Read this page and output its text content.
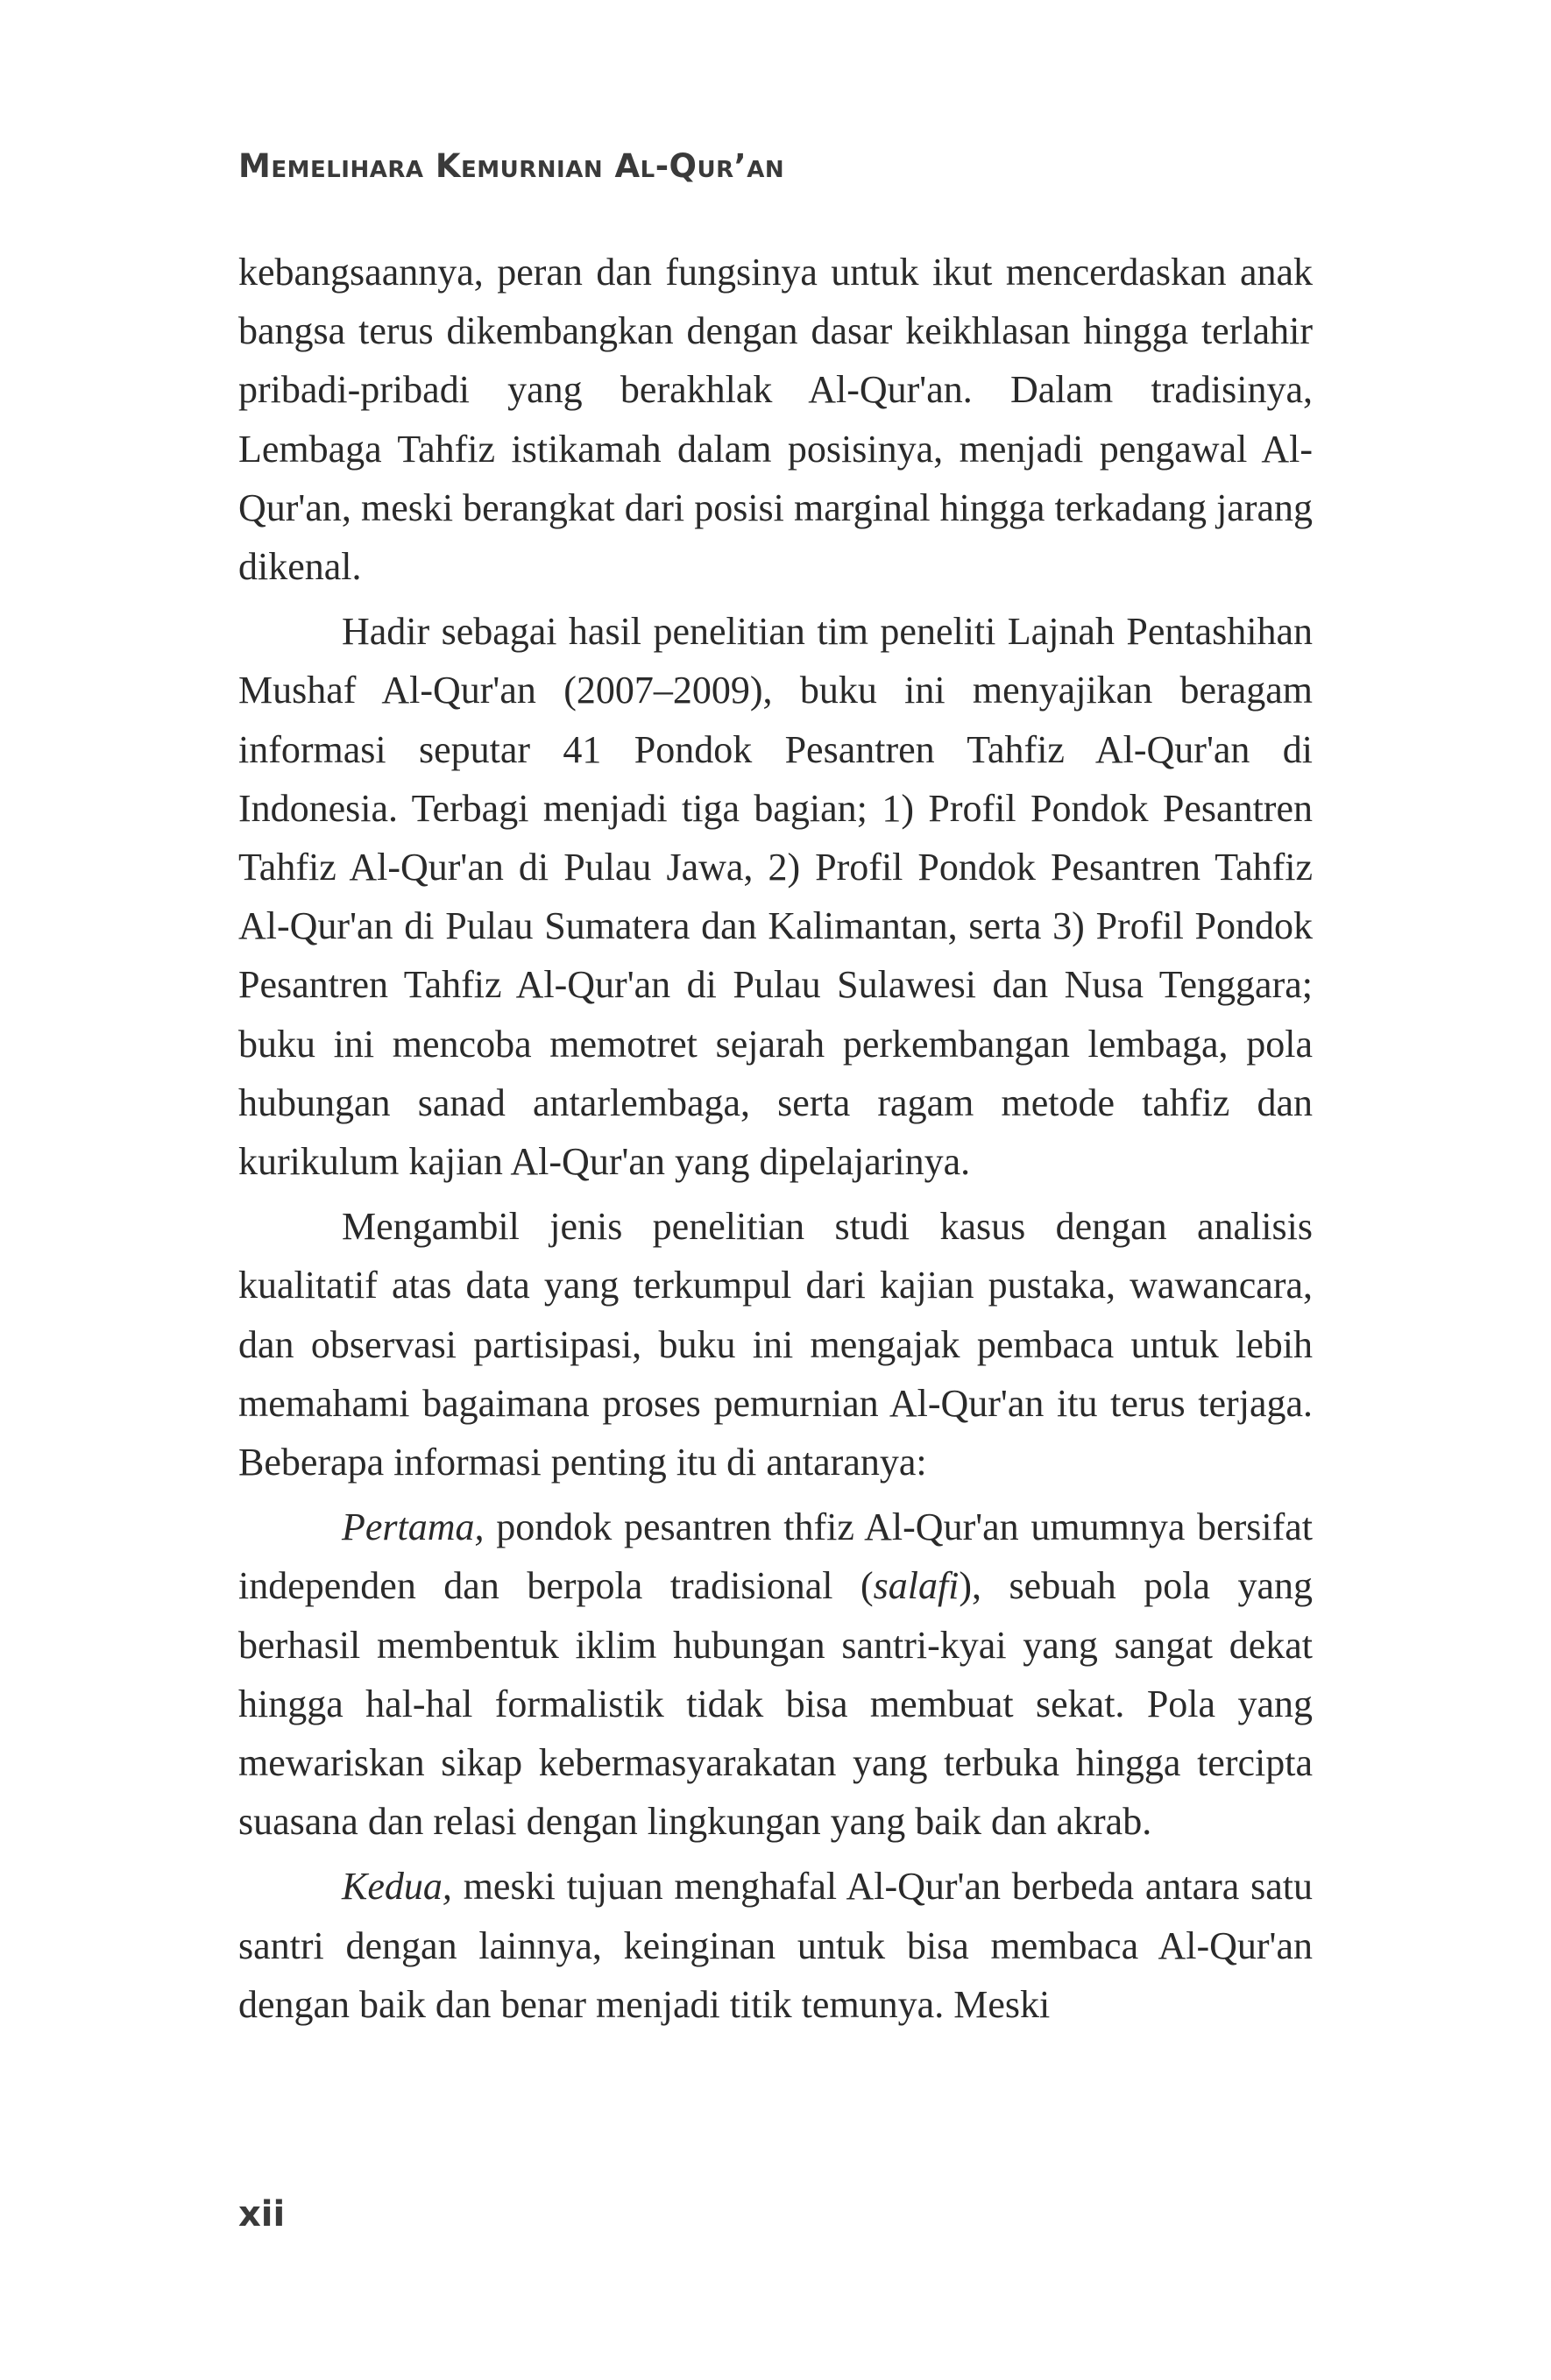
Memelihara Kemurnian Al-Qur’an

kebangsaannya, peran dan fungsinya untuk ikut mencerdaskan anak bangsa terus dikembangkan dengan dasar keikhlasan hingga terlahir pribadi-pribadi yang berakhlak Al-Qur'an. Dalam tradisinya, Lembaga Tahfiz istikamah dalam posisinya, menjadi pengawal Al-Qur'an, meski berangkat dari posisi marginal hingga terkadang jarang dikenal.

Hadir sebagai hasil penelitian tim peneliti Lajnah Pentashihan Mushaf Al-Qur'an (2007–2009), buku ini menyajikan beragam informasi seputar 41 Pondok Pesantren Tahfiz Al-Qur'an di Indonesia. Terbagi menjadi tiga bagian; 1) Profil Pondok Pesantren Tahfiz Al-Qur'an di Pulau Jawa, 2) Profil Pondok Pesantren Tahfiz Al-Qur'an di Pulau Sumatera dan Kalimantan, serta 3) Profil Pondok Pesantren Tahfiz Al-Qur'an di Pulau Sulawesi dan Nusa Tenggara; buku ini mencoba memotret sejarah perkembangan lembaga, pola hubungan sanad antarlembaga, serta ragam metode tahfiz dan kurikulum kajian Al-Qur'an yang dipelajarinya.

Mengambil jenis penelitian studi kasus dengan analisis kualitatif atas data yang terkumpul dari kajian pustaka, wawancara, dan observasi partisipasi, buku ini mengajak pembaca untuk lebih memahami bagaimana proses pemurnian Al-Qur'an itu terus terjaga. Beberapa informasi penting itu di antaranya:

Pertama, pondok pesantren thfiz Al-Qur'an umumnya bersifat independen dan berpola tradisional (salafi), sebuah pola yang berhasil membentuk iklim hubungan santri-kyai yang sangat dekat hingga hal-hal formalistik tidak bisa membuat sekat. Pola yang mewariskan sikap kebermasyarakatan yang terbuka hingga tercipta suasana dan relasi dengan lingkungan yang baik dan akrab.

Kedua, meski tujuan menghafal Al-Qur'an berbeda antara satu santri dengan lainnya, keinginan untuk bisa membaca Al-Qur'an dengan baik dan benar menjadi titik temunya. Meski

xii
